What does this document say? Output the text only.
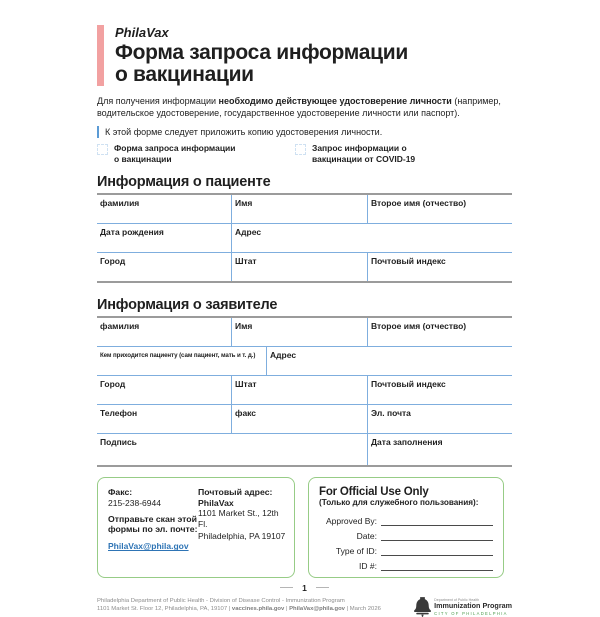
PhilaVax
Форма запроса информации
о вакцинации
Для получения информации необходимо действующее удостоверение личности (например, водительское удостоверение, государственное удостоверение личности или паспорт).
К этой форме следует приложить копию удостоверения личности.
Форма запроса информации о вакцинации
Запрос информации о вакцинации от COVID-19
Информация о пациенте
фамилия	Имя	Второе имя (отчество)
Дата рождения	Адрес
Город	Штат	Почтовый индекс
Информация о заявителе
фамилия	Имя	Второе имя (отчество)
Кем приходится пациенту (сам пациент, мать и т. д.)	Адрес
Город	Штат	Почтовый индекс
Телефон	факс	Эл. почта
Подпись	Дата заполнения
Факс:
215-238-6944
Отправьте скан этой формы по эл. почте:
PhilaVax@phila.gov
Почтовый адрес:
PhilaVax
1101 Market St., 12th Fl.
Philadelphia, PA 19107
For Official Use Only
(Только для служебного пользования):
Approved By:
Date:
Type of ID:
ID #:
1
Philadelphia Department of Public Health - Division of Disease Control - Immunization Program
1101 Market St. Floor 12, Philadelphia, PA, 19107 | vaccines.phila.gov | PhilaVax@phila.gov | March 2026
Department of Public Health
Immunization Program
CITY OF PHILADELPHIA
